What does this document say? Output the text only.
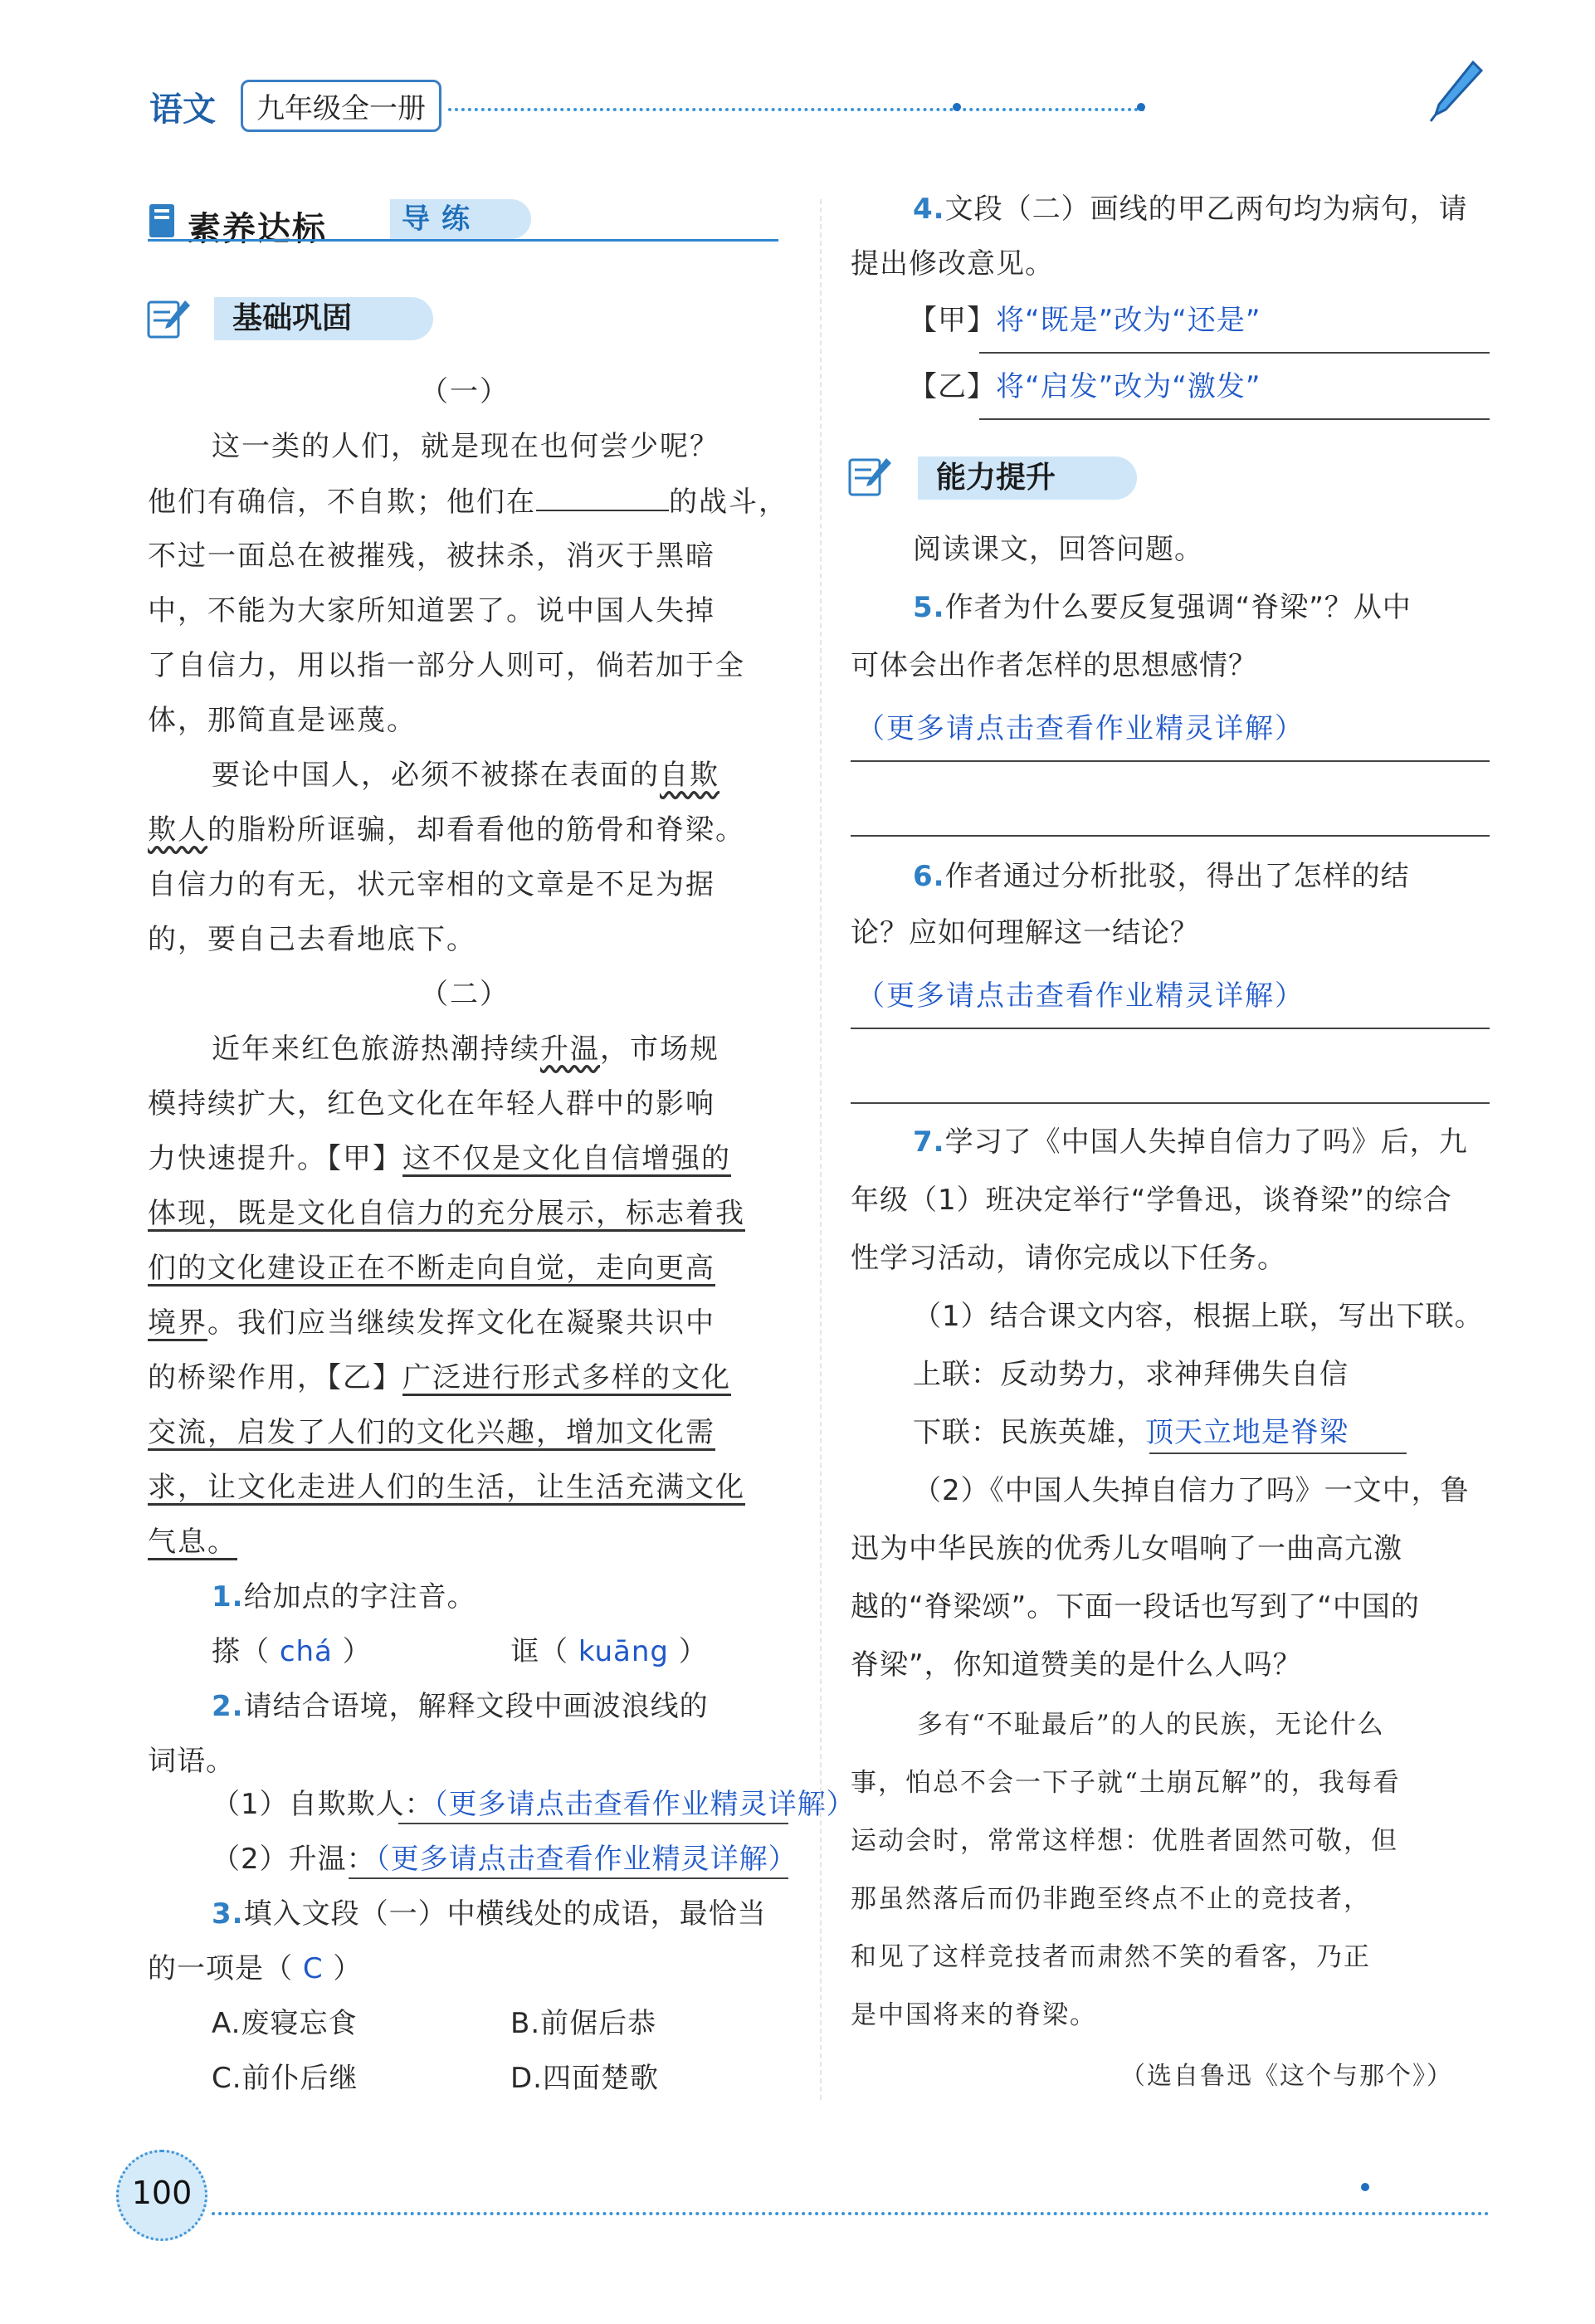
语文	九年级全一册
素养达标	导练
基础巩固
（一）
这一类的人们，就是现在也何尝少呢？
他们有确信，不自欺；他们在	的战斗，
不过一面总在被摧残，被抹杀，消灭于黑暗
中，不能为大家所知道罢了。说中国人失掉
了自信力，用以指一部分人则可，倘若加于全
体，那简直是诬蔑。
要论中国人，必须不被搽在表面的自欺
欺人的脂粉所诓骗，却看看他的筋骨和脊梁。
自信力的有无，状元宰相的文章是不足为据
的，要自己去看地底下。
（二）
近年来红色旅游热潮持续升温，市场规
模持续扩大，红色文化在年轻人群中的影响
力快速提升。【甲】这不仅是文化自信增强的
体现，既是文化自信力的充分展示，标志着我
们的文化建设正在不断走向自觉，走向更高
境界。我们应当继续发挥文化在凝聚共识中
的桥梁作用，【乙】广泛进行形式多样的文化
交流，启发了人们的文化兴趣，增加文化需
求，让文化走进人们的生活，让生活充满文化
气息。
1.给加点的字注音。
搽（ chá ）	诓（ kuāng ）
2.请结合语境，解释文段中画波浪线的
词语。
（1）自欺欺人：（更多请点击查看作业精灵详解）
（2）升温：（更多请点击查看作业精灵详解）
3.填入文段（一）中横线处的成语，最恰当
的一项是（ C ）
A.废寝忘食	B.前倨后恭
C.前仆后继	D.四面楚歌
4.文段（二）画线的甲乙两句均为病句，请
提出修改意见。
【甲】将“既是”改为“还是”
【乙】将“启发”改为“激发”
能力提升
阅读课文，回答问题。
5.作者为什么要反复强调“脊梁”？从中
可体会出作者怎样的思想感情？
（更多请点击查看作业精灵详解）
6.作者通过分析批驳，得出了怎样的结
论？应如何理解这一结论？
（更多请点击查看作业精灵详解）
7.学习了《中国人失掉自信力了吗》后，九
年级（1）班决定举行“学鲁迅，谈脊梁”的综合
性学习活动，请你完成以下任务。
（1）结合课文内容，根据上联，写出下联。
上联：反动势力，求神拜佛失自信
下联：民族英雄，顶天立地是脊梁
（2）《中国人失掉自信力了吗》一文中，鲁
迅为中华民族的优秀儿女唱响了一曲高亢激
越的“脊梁颂”。下面一段话也写到了“中国的
脊梁”，你知道赞美的是什么人吗？
多有“不耻最后”的人的民族，无论什么
事，怕总不会一下子就“土崩瓦解”的，我每看
运动会时，常常这样想：优胜者固然可敬，但
那虽然落后而仍非跑至终点不止的竞技者，
和见了这样竞技者而肃然不笑的看客，乃正
是中国将来的脊梁。
（选自鲁迅《这个与那个》）
100
